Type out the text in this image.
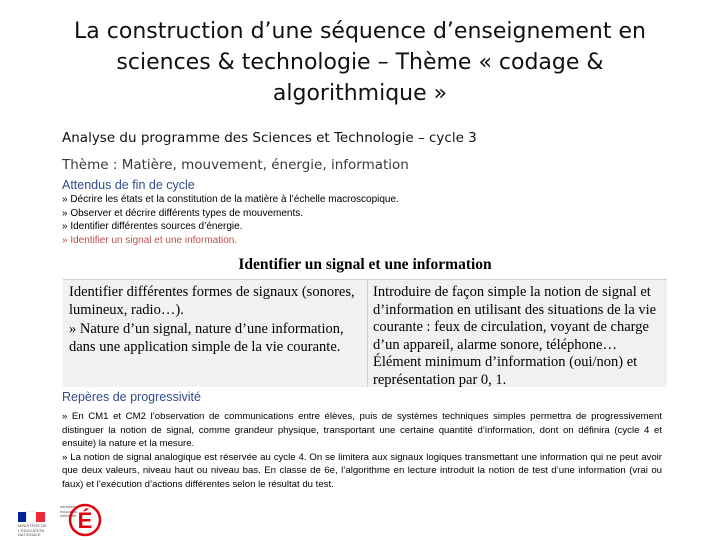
La construction d’une séquence d’enseignement en sciences & technologie – Thème « codage & algorithmique »
Analyse du programme des Sciences et Technologie – cycle 3
Thème : Matière, mouvement, énergie, information
Attendus de fin de cycle
» Décrire les états et la constitution de la matière à l’échelle macroscopique.
» Observer et décrire différents types de mouvements.
» Identifier différentes sources d’énergie.
» Identifier un signal et une information.
Identifier un signal et une information
Identifier différentes formes de signaux (sonores, lumineux, radio…).
» Nature d’un signal, nature d’une information, dans une application simple de la vie courante.
Introduire de façon simple la notion de signal et d’information en utilisant des situations de la vie courante : feux de circulation, voyant de charge d’un appareil, alarme sonore, téléphone… Élément minimum d’information (oui/non) et représentation par 0, 1.
Repères de progressivité

» En CM1 et CM2 l’observation de communications entre élèves, puis de systèmes techniques simples permettra de progressivement distinguer la notion de signal, comme grandeur physique, transportant une certaine quantité d’information, dont on définira (cycle 4 et ensuite) la nature et la mesure.

» La notion de signal analogique est réservée au cycle 4. On se limitera aux signaux logiques transmettant une information qui ne peut avoir que deux valeurs, niveau haut ou niveau bas. En classe de 6e, l’algorithme en lecture introduit la notion de test d’une information (vrai ou faux) et l’exécution d’actions différentes selon le résultat du test.

MINISTÈRE DE L'ÉDUCATION NATIONALE
ministère éducation nationale É
